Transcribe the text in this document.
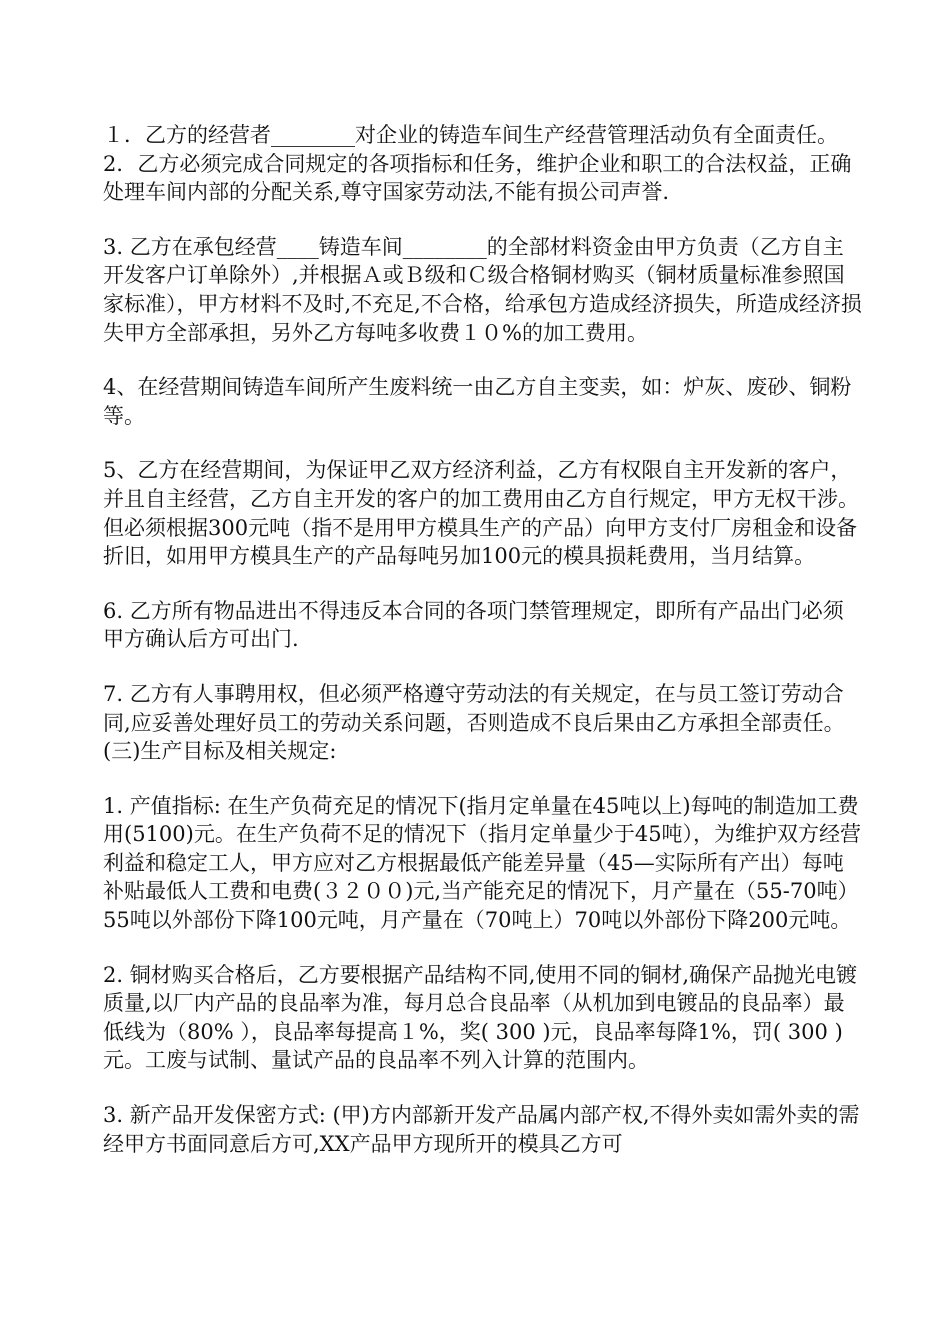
１．乙方的经营者________对企业的铸造车间生产经营管理活动负有全面责任。

2．乙方必须完成合同规定的各项指标和任务，维护企业和职工的合法权益，正确处理车间内部的分配关系,尊守国家劳动法,不能有损公司声誉.

3. 乙方在承包经营____铸造车间________的全部材料资金由甲方负责（乙方自主开发客户订单除外）,并根据Ａ或Ｂ级和Ｃ级合格铜材购买（铜材质量标准参照国家标准），甲方材料不及时,不充足,不合格，给承包方造成经济损失，所造成经济损失甲方全部承担，另外乙方每吨多收费１０%的加工费用。

4、在经营期间铸造车间所产生废料统一由乙方自主变卖，如：炉灰、废砂、铜粉等。

5、乙方在经营期间，为保证甲乙双方经济利益，乙方有权限自主开发新的客户，并且自主经营，乙方自主开发的客户的加工费用由乙方自行规定，甲方无权干涉。但必须根据300元吨（指不是用甲方模具生产的产品）向甲方支付厂房租金和设备折旧，如用甲方模具生产的产品每吨另加100元的模具损耗费用，当月结算。

6. 乙方所有物品进出不得违反本合同的各项门禁管理规定，即所有产品出门必须甲方确认后方可出门.

7. 乙方有人事聘用权，但必须严格遵守劳动法的有关规定，在与员工签订劳动合同,应妥善处理好员工的劳动关系问题，否则造成不良后果由乙方承担全部责任。

(三)生产目标及相关规定:

1. 产值指标: 在生产负荷充足的情况下(指月定单量在45吨以上)每吨的制造加工费用(5100)元。在生产负荷不足的情况下（指月定单量少于45吨），为维护双方经营利益和稳定工人，甲方应对乙方根据最低产能差异量（45—实际所有产出）每吨补贴最低人工费和电费(３２００)元,当产能充足的情况下，月产量在（55-70吨）55吨以外部份下降100元吨，月产量在（70吨上）70吨以外部份下降200元吨。

2. 铜材购买合格后，乙方要根据产品结构不同,使用不同的铜材,确保产品抛光电镀质量,以厂内产品的良品率为准，每月总合良品率（从机加到电镀品的良品率）最低线为（80% ），良品率每提高１%，奖( 300 )元，良品率每降1%，罚( 300 )元。工废与试制、量试产品的良品率不列入计算的范围内。

3. 新产品开发保密方式: (甲)方内部新开发产品属内部产权,不得外卖如需外卖的需经甲方书面同意后方可,XX产品甲方现所开的模具乙方可
